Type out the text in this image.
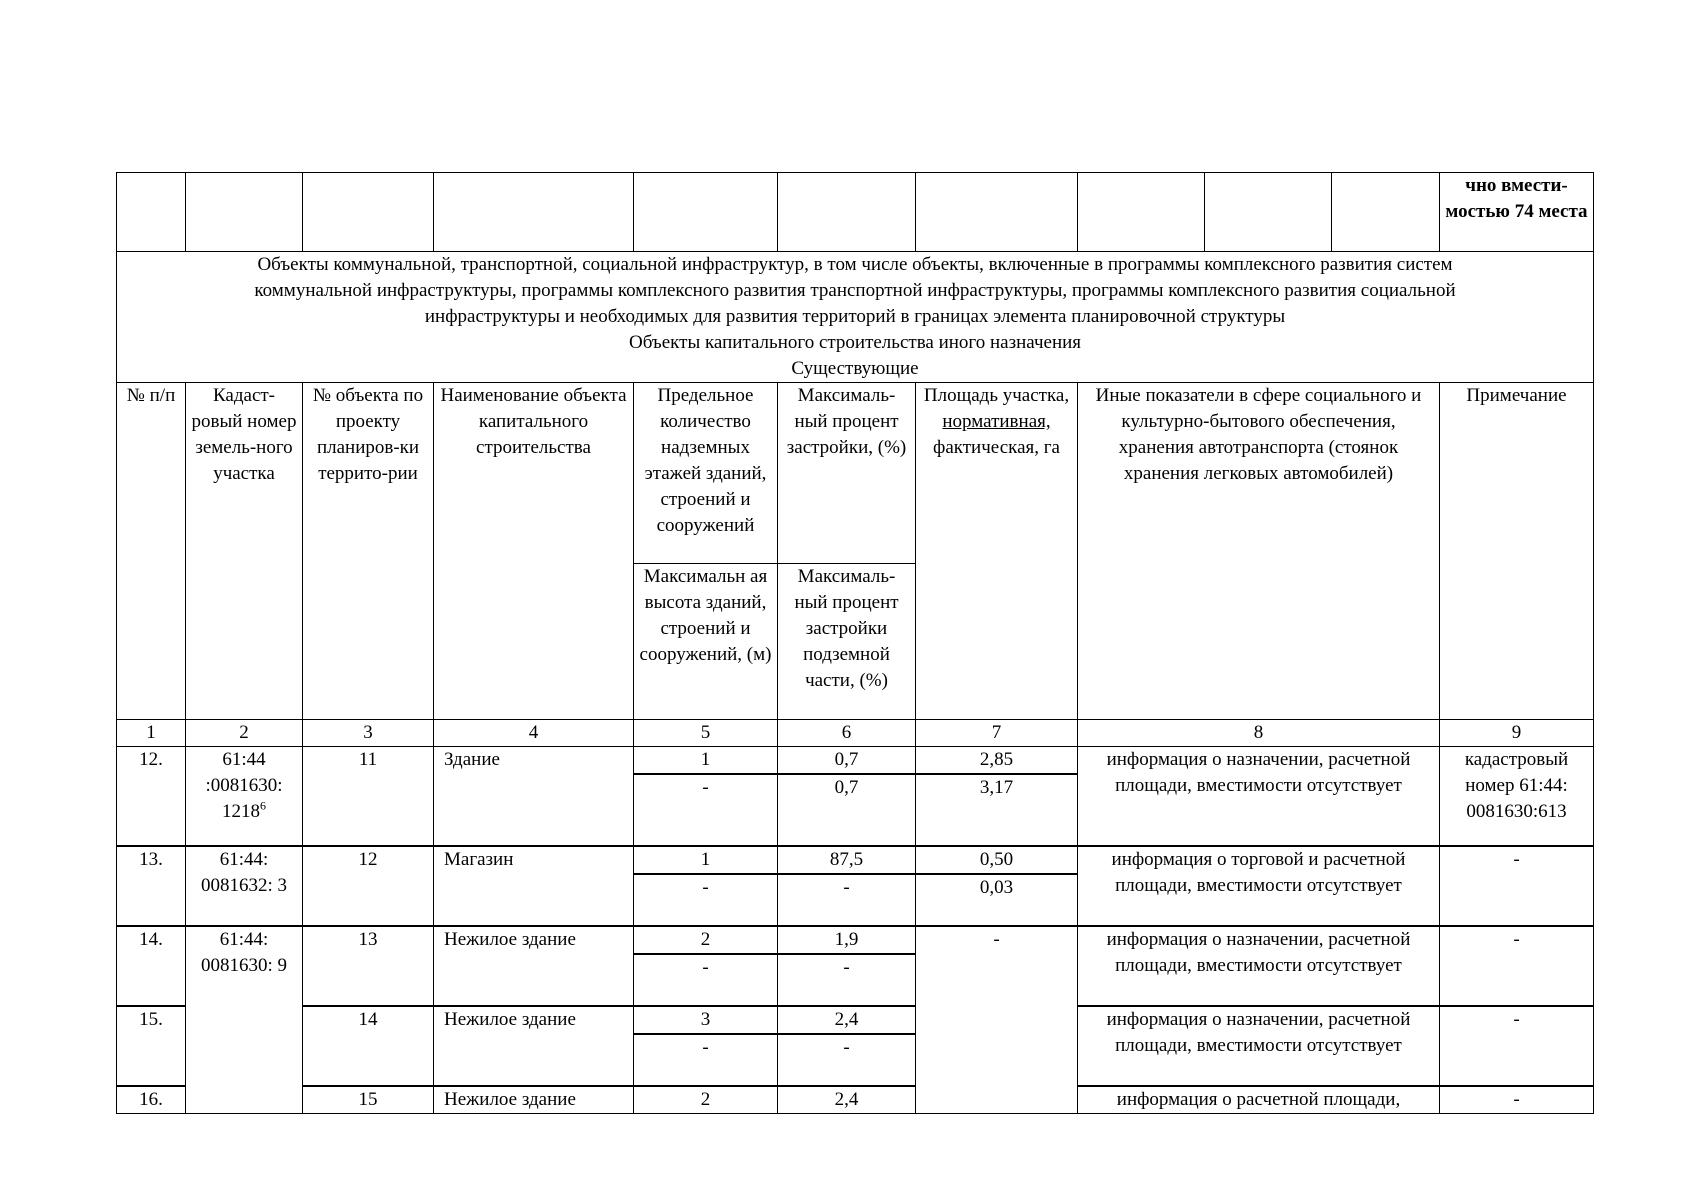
										чно вмести-мостью 74 места

Объекты коммунальной, транспортной, социальной инфраструктур, в том числе объекты, включенные в программы комплексного развития систем
коммунальной инфраструктуры, программы комплексного развития транспортной инфраструктуры, программы комплексного развития социальной
инфраструктуры и необходимых для развития территорий в границах элемента планировочной структуры
Объекты капитального строительства иного назначения
Существующие										

№ п/п	Кадаст-ровый номер земель-ного участка	№ объекта по проекту планиров-ки террито-рии	Наименование объекта капитального строительства	Предельное количество надземных этажей зданий, строений и сооружений	Максималь-ный процент застройки, (%)	Площадь участка, нормативная, фактическая, га	Иные показатели в сфере социального и культурно-бытового обеспечения, хранения автотранспорта (стоянок хранения легковых автомобилей)			Примечание
				Максимальн ая высота зданий, строений и сооружений, (м)	Максималь-ный процент застройки подземной части, (%)					
1	2	3	4	5	6	7	8			9
12.	61:44 :0081630: 1218$^6$	11	Здание	1	0,7	2,85	информация о назначении, расчетной площади, вместимости отсутствует			кадастровый номер 61:44: 0081630:613
				-	0,7	3,17				
13.	61:44: 0081632: 3	12	Магазин	1	87,5	0,50	информация о торговой и расчетной площади, вместимости отсутствует			-
				-	-	0,03				
14.	61:44: 0081630: 9	13	Нежилое здание	2	1,9	-	информация о назначении, расчетной площади, вместимости отсутствует			-
				-	-					
15.		14	Нежилое здание	3	2,4		информация о назначении, расчетной площади, вместимости отсутствует			-
				-	-					
16.		15	Нежилое здание	2	2,4		информация о расчетной площади,			-
